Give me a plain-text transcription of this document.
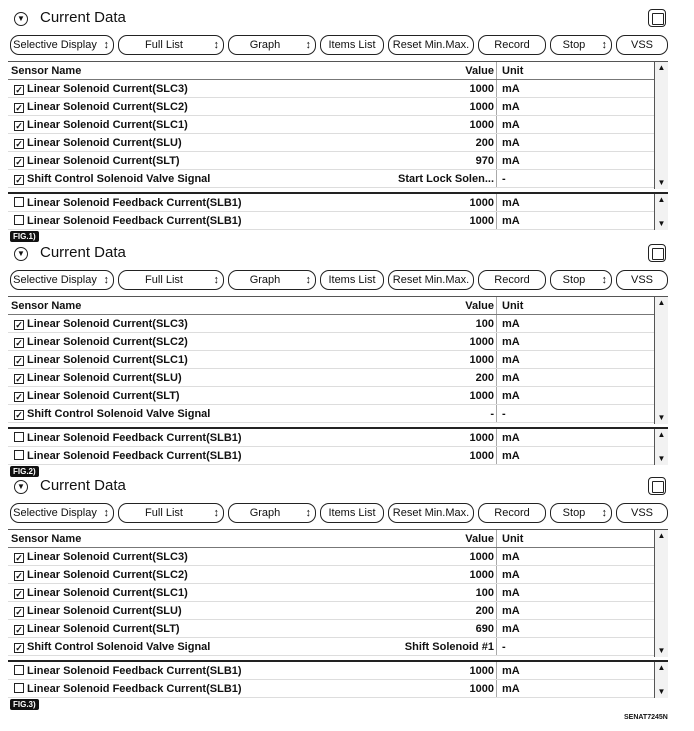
▼ Current Data
Selective Display ↕	Full List	↕	Graph	↕	Items List	Reset Min.Max.	Record	Stop	↕	VSS
Sensor Name	Value Unit
✓ Linear Solenoid Current(SLC3)	1000 mA
✓ Linear Solenoid Current(SLC2)	1000 mA
✓ Linear Solenoid Current(SLC1)	1000 mA
✓ Linear Solenoid Current(SLU)	200 mA
✓ Linear Solenoid Current(SLT)	970 mA
✓ Shift Control Solenoid Valve Signal	Start Lock Solen... -
▲
▼
Linear Solenoid Feedback Current(SLB1)	1000 mA
Linear Solenoid Feedback Current(SLB1)	1000 mA
▲
▼
FIG.1)
▼ Current Data
Selective Display ↕	Full List	↕	Graph	↕	Items List	Reset Min.Max.	Record	Stop	↕	VSS
Sensor Name	Value Unit
✓ Linear Solenoid Current(SLC3)	100 mA
✓ Linear Solenoid Current(SLC2)	1000 mA
✓ Linear Solenoid Current(SLC1)	1000 mA
✓ Linear Solenoid Current(SLU)	200 mA
✓ Linear Solenoid Current(SLT)	1000 mA
✓ Shift Control Solenoid Valve Signal	- -
▲
▼
Linear Solenoid Feedback Current(SLB1)	1000 mA
Linear Solenoid Feedback Current(SLB1)	1000 mA
▲
▼
FIG.2)
▼ Current Data
Selective Display ↕	Full List	↕	Graph	↕	Items List	Reset Min.Max.	Record	Stop	↕	VSS
Sensor Name	Value Unit
✓ Linear Solenoid Current(SLC3)	1000 mA
✓ Linear Solenoid Current(SLC2)	1000 mA
✓ Linear Solenoid Current(SLC1)	100 mA
✓ Linear Solenoid Current(SLU)	200 mA
✓ Linear Solenoid Current(SLT)	690 mA
✓ Shift Control Solenoid Valve Signal	Shift Solenoid #1 -
▲
▼
Linear Solenoid Feedback Current(SLB1)	1000 mA
Linear Solenoid Feedback Current(SLB1)	1000 mA
▲
▼
FIG.3)
SENAT7245N
